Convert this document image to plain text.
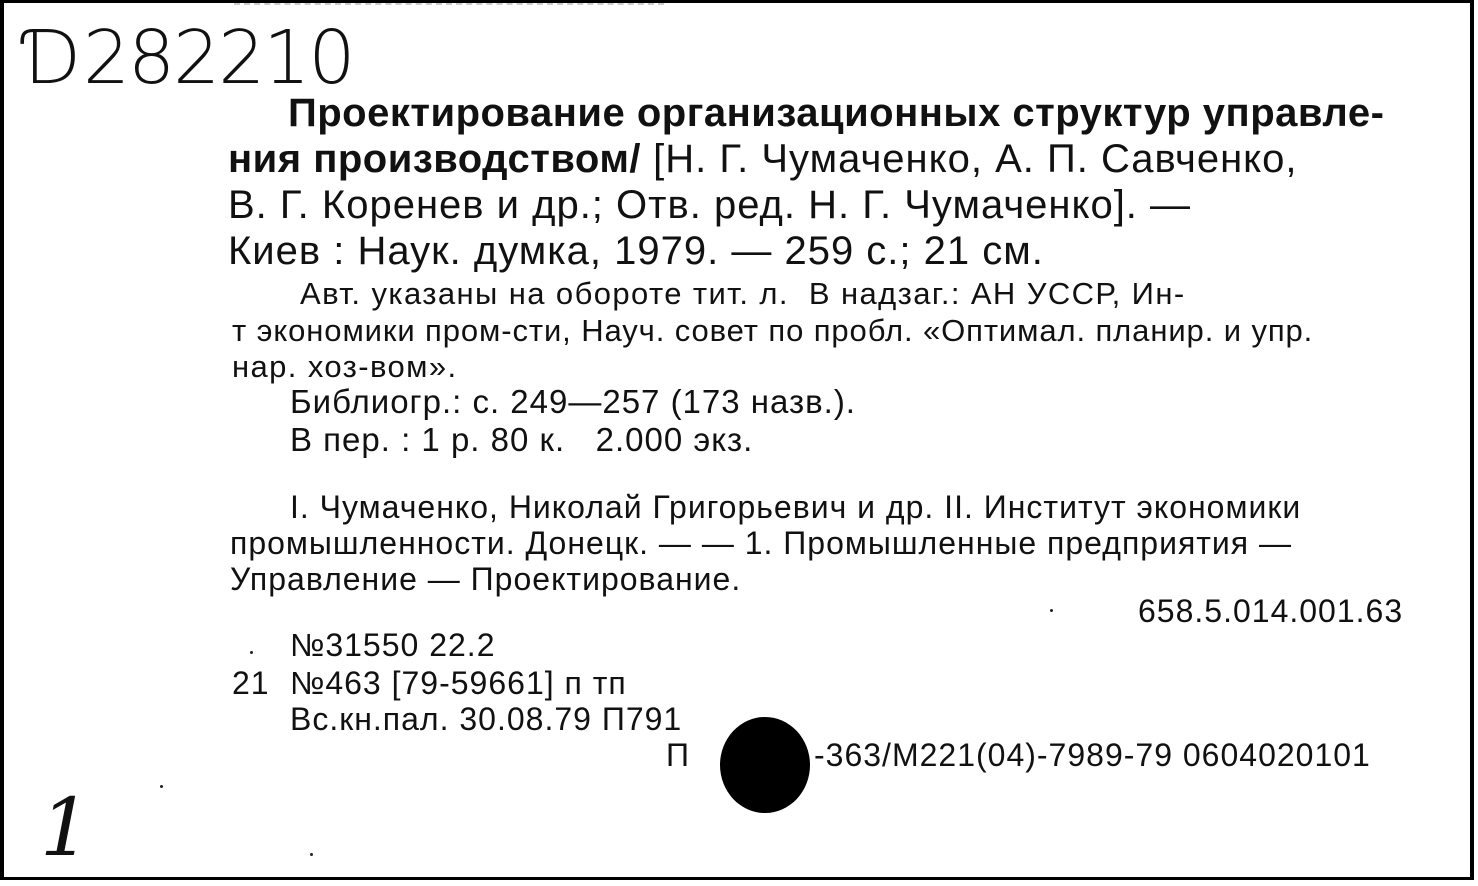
Ɗ282210
Проектирование организационных структур управле-
ния производством/ [Н. Г. Чумаченко, А. П. Савченко,
В. Г. Коренев и др.; Отв. ред. Н. Г. Чумаченко]. —
Киев : Наук. думка, 1979. — 259 с.; 21 см.
Авт. указаны на обороте тит. л.  В надзаг.: АН УССР, Ин-
т экономики пром-сти, Науч. совет по пробл. «Оптимал. планир. и упр.
нар. хоз-вом».
Библиогр.: с. 249—257 (173 назв.).
В пер. : 1 р. 80 к.   2.000 экз.
I. Чумаченко, Николай Григорьевич и др. II. Институт экономики
промышленности. Донецк. — — 1. Промышленные предприятия —
Управление — Проектирование.
658.5.014.001.63
№31550 22.2
21 №463 [79-59661] п тп
Вс.кн.пал. 30.08.79 П791
П	-363/М221(04)-7989-79 0604020101
1
